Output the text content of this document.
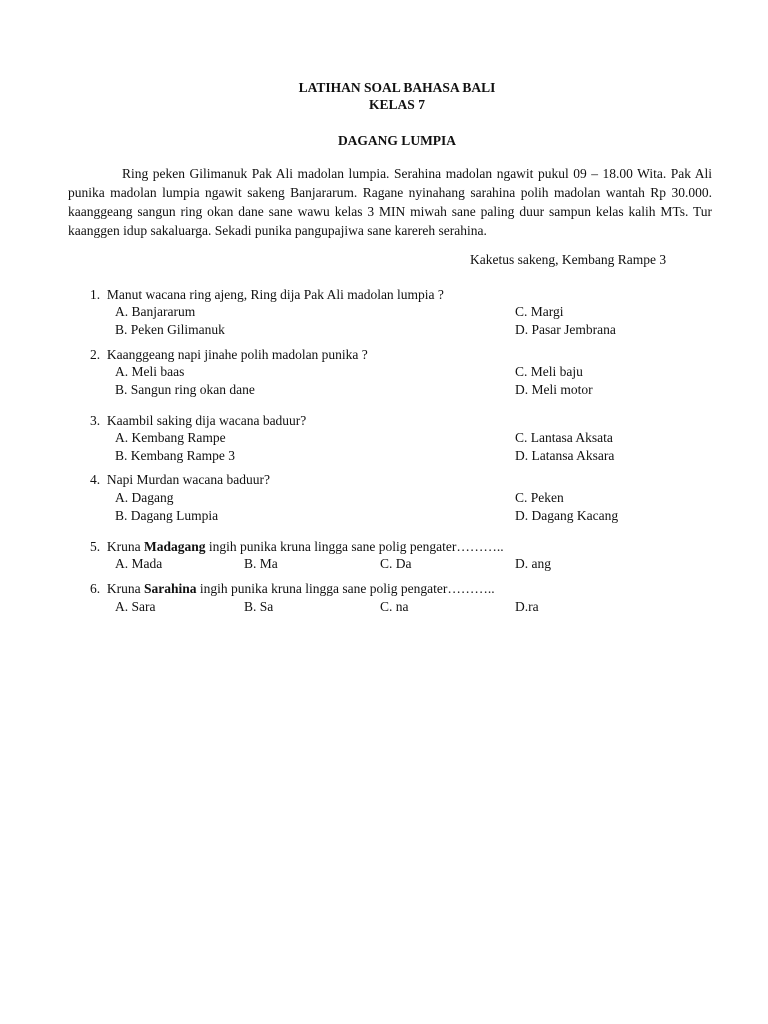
LATIHAN SOAL BAHASA BALI
KELAS 7
DAGANG LUMPIA
Ring peken Gilimanuk Pak Ali madolan lumpia. Serahina madolan ngawit pukul 09 – 18.00 Wita. Pak Ali punika madolan lumpia ngawit sakeng Banjararum. Ragane nyinahang sarahina polih madolan wantah Rp 30.000. kaanggeang sangun ring okan dane sane wawu kelas 3 MIN miwah sane paling duur sampun kelas kalih MTs. Tur kaanggen idup sakaluarga. Sekadi punika pangupajiwa sane karereh serahina.
Kaketus sakeng, Kembang Rampe 3
1. Manut wacana ring ajeng, Ring dija Pak Ali madolan lumpia ?
A. Banjararum	C. Margi
B. Peken Gilimanuk	D. Pasar Jembrana
2. Kaanggeang napi jinahe polih madolan punika ?
A. Meli baas	C. Meli baju
B. Sangun ring okan dane	D. Meli motor
3. Kaambil saking dija wacana baduur?
A. Kembang Rampe	C. Lantasa Aksata
B. Kembang Rampe 3	D. Latansa Aksara
4. Napi Murdan wacana baduur?
A. Dagang	C. Peken
B. Dagang Lumpia	D. Dagang Kacang
5. Kruna Madagang ingih punika kruna lingga sane polig pengater………..
A. Mada	B. Ma	C. Da	D. ang
6. Kruna Sarahina ingih punika kruna lingga sane polig pengater………..
A. Sara	B. Sa	C. na	D.ra
